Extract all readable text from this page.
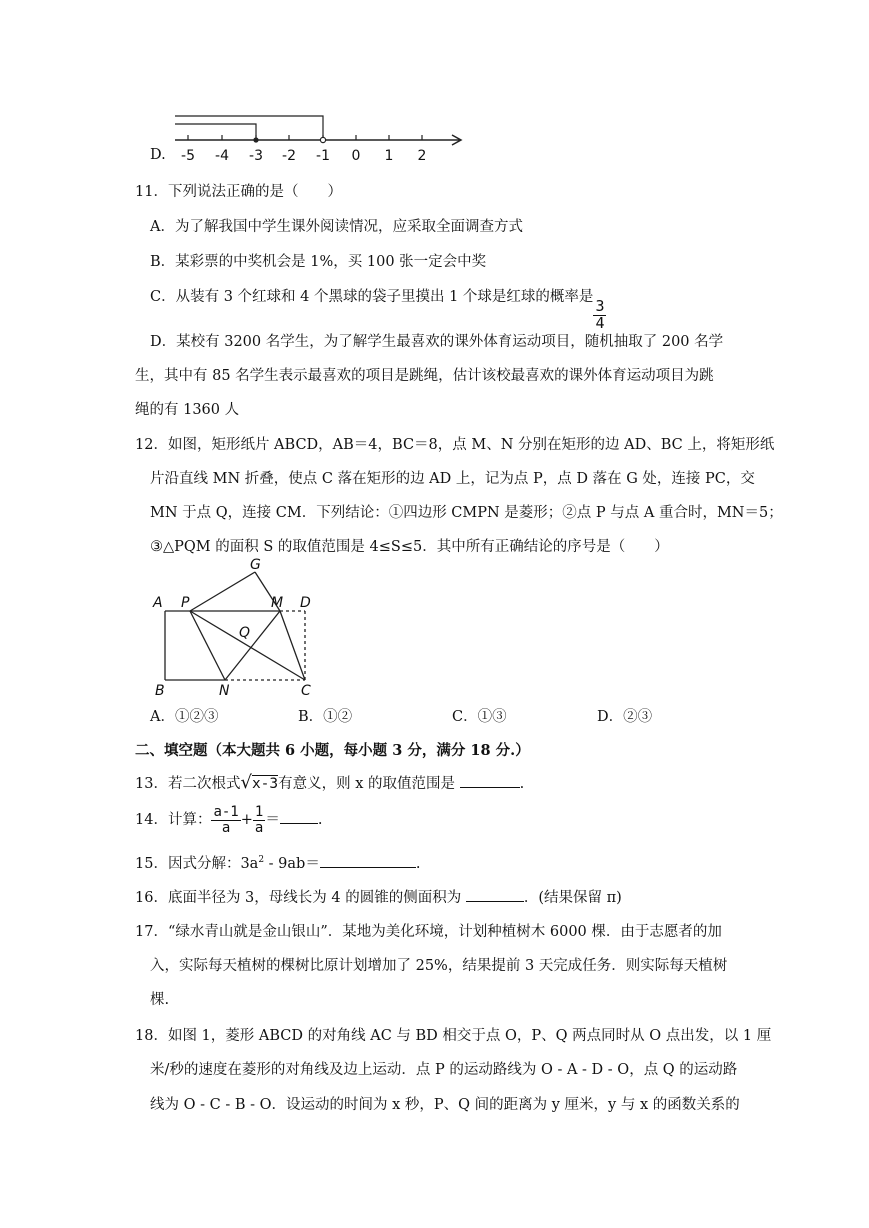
D. -5 -4 -3 -2 -1 0 1 2
11．下列说法正确的是（　　）
A．为了解我国中学生课外阅读情况，应采取全面调查方式
B．某彩票的中奖机会是 1%，买 100 张一定会中奖
C．从装有 3 个红球和 4 个黑球的袋子里摸出 1 个球是红球的概率是
$\frac{3}{4}$
D．某校有 3200 名学生，为了解学生最喜欢的课外体育运动项目，随机抽取了 200 名学
生，其中有 85 名学生表示最喜欢的项目是跳绳，估计该校最喜欢的课外体育运动项目为跳
绳的有 1360 人
12．如图，矩形纸片 ABCD，AB＝4，BC＝8，点 M、N 分别在矩形的边 AD、BC 上，将矩形纸
片沿直线 MN 折叠，使点 C 落在矩形的边 AD 上，记为点 P，点 D 落在 G 处，连接 PC，交
MN 于点 Q，连接 CM．下列结论：①四边形 CMPN 是菱形；②点 P 与点 A 重合时，MN＝5；
③△PQM 的面积 S 的取值范围是 4≤S≤5．其中所有正确结论的序号是（　　）
A P	M D
G
Q
B	N	C
A．①②③	B．①②	C．①③	D．②③
二、填空题（本大题共 6 小题，每小题 3 分，满分 18 分.）
13．若二次根式√x-3有意义，则 x 的取值范围是	.
14．计算： $\frac{a-1}{a} + \frac{1}{a}$ ＝	.
15．因式分解：$3a^2 - 9ab=$	.
16．底面半径为 3，母线长为 4 的圆锥的侧面积为	．(结果保留 π)
17．“绿水青山就是金山银山”．某地为美化环境，计划种植树木 6000 棵．由于志愿者的加
入，实际每天植树的棵树比原计划增加了 25%，结果提前 3 天完成任务．则实际每天植树
棵.
18．如图 1，菱形 ABCD 的对角线 AC 与 BD 相交于点 O，P、Q 两点同时从 O 点出发，以 1 厘
米/秒的速度在菱形的对角线及边上运动．点 P 的运动路线为 O - A - D - O，点 Q 的运动路
线为 O - C - B - O．设运动的时间为 x 秒，P、Q 间的距离为 y 厘米，y 与 x 的函数关系的
